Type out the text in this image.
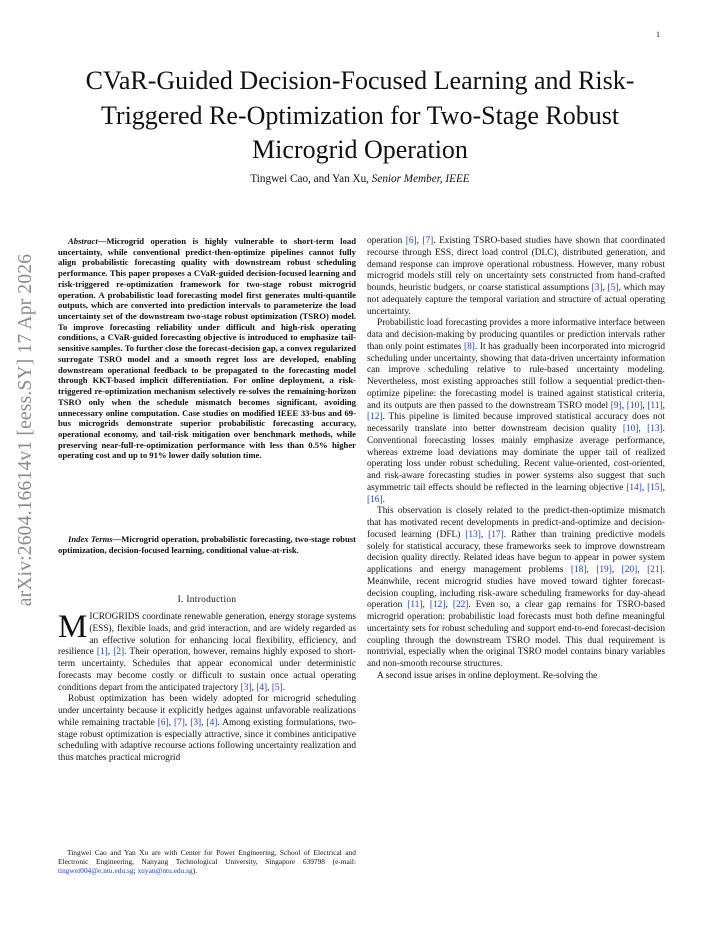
1
arXiv:2604.16614v1 [eess.SY] 17 Apr 2026
CVaR-Guided Decision-Focused Learning and Risk-Triggered Re-Optimization for Two-Stage Robust Microgrid Operation
Tingwei Cao, and Yan Xu, Senior Member, IEEE

Abstract—Microgrid operation is highly vulnerable to short-term load uncertainty, while conventional predict-then-optimize pipelines cannot fully align probabilistic forecasting quality with downstream robust scheduling performance. This paper proposes a CVaR-guided decision-focused learning and risk-triggered re-optimization framework for two-stage robust microgrid operation. A probabilistic load forecasting model first generates multi-quantile outputs, which are converted into prediction intervals to parameterize the load uncertainty set of the downstream two-stage robust optimization (TSRO) model. To improve forecasting reliability under difficult and high-risk operating conditions, a CVaR-guided forecasting objective is introduced to emphasize tail-sensitive samples. To further close the forecast-decision gap, a convex regularized surrogate TSRO model and a smooth regret loss are developed, enabling downstream operational feedback to be propagated to the forecasting model through KKT-based implicit differentiation. For online deployment, a risk-triggered re-optimization mechanism selectively re-solves the remaining-horizon TSRO only when the schedule mismatch becomes significant, avoiding unnecessary online computation. Case studies on modified IEEE 33-bus and 69-bus microgrids demonstrate superior probabilistic forecasting accuracy, operational economy, and tail-risk mitigation over benchmark methods, while preserving near-full-re-optimization performance with less than 0.5% higher operating cost and up to 91% lower daily solution time.

Index Terms—Microgrid operation, probabilistic forecasting, two-stage robust optimization, decision-focused learning, conditional value-at-risk.

I. Introduction

MICROGRIDS coordinate renewable generation, energy storage systems (ESS), flexible loads, and grid interaction, and are widely regarded as an effective solution for enhancing local flexibility, efficiency, and resilience [1], [2]. Their operation, however, remains highly exposed to short-term uncertainty. Schedules that appear economical under deterministic forecasts may become costly or difficult to sustain once actual operating conditions depart from the anticipated trajectory [3], [4], [5].

Robust optimization has been widely adopted for microgrid scheduling under uncertainty because it explicitly hedges against unfavorable realizations while remaining tractable [6], [7], [3], [4]. Among existing formulations, two-stage robust optimization is especially attractive, since it combines anticipative scheduling with adaptive recourse actions following uncertainty realization and thus matches practical microgrid

Tingwei Cao and Yan Xu are with Center for Power Engineering, School of Electrical and Electronic Engineering, Nanyang Technological University, Singapore 639798 (e-mail: tingwei004@e.ntu.edu.sg; xuyan@ntu.edu.sg).

operation [6], [7]. Existing TSRO-based studies have shown that coordinated recourse through ESS, direct load control (DLC), distributed generation, and demand response can improve operational robustness. However, many robust microgrid models still rely on uncertainty sets constructed from hand-crafted bounds, heuristic budgets, or coarse statistical assumptions [3], [5], which may not adequately capture the temporal variation and structure of actual operating uncertainty.

Probabilistic load forecasting provides a more informative interface between data and decision-making by producing quantiles or prediction intervals rather than only point estimates [8]. It has gradually been incorporated into microgrid scheduling under uncertainty, showing that data-driven uncertainty information can improve scheduling relative to rule-based uncertainty modeling. Nevertheless, most existing approaches still follow a sequential predict-then-optimize pipeline: the forecasting model is trained against statistical criteria, and its outputs are then passed to the downstream TSRO model [9], [10], [11], [12]. This pipeline is limited because improved statistical accuracy does not necessarily translate into better downstream decision quality [10], [13]. Conventional forecasting losses mainly emphasize average performance, whereas extreme load deviations may dominate the upper tail of realized operating loss under robust scheduling. Recent value-oriented, cost-oriented, and risk-aware forecasting studies in power systems also suggest that such asymmetric tail effects should be reflected in the learning objective [14], [15], [16].

This observation is closely related to the predict-then-optimize mismatch that has motivated recent developments in predict-and-optimize and decision-focused learning (DFL) [13], [17]. Rather than training predictive models solely for statistical accuracy, these frameworks seek to improve downstream decision quality directly. Related ideas have begun to appear in power system applications and energy management problems [18], [19], [20], [21]. Meanwhile, recent microgrid studies have moved toward tighter forecast-decision coupling, including risk-aware scheduling frameworks for day-ahead operation [11], [12], [22]. Even so, a clear gap remains for TSRO-based microgrid operation: probabilistic load forecasts must both define meaningful uncertainty sets for robust scheduling and support end-to-end forecast-decision coupling through the downstream TSRO model. This dual requirement is nontrivial, especially when the original TSRO model contains binary variables and non-smooth recourse structures.

A second issue arises in online deployment. Re-solving the
